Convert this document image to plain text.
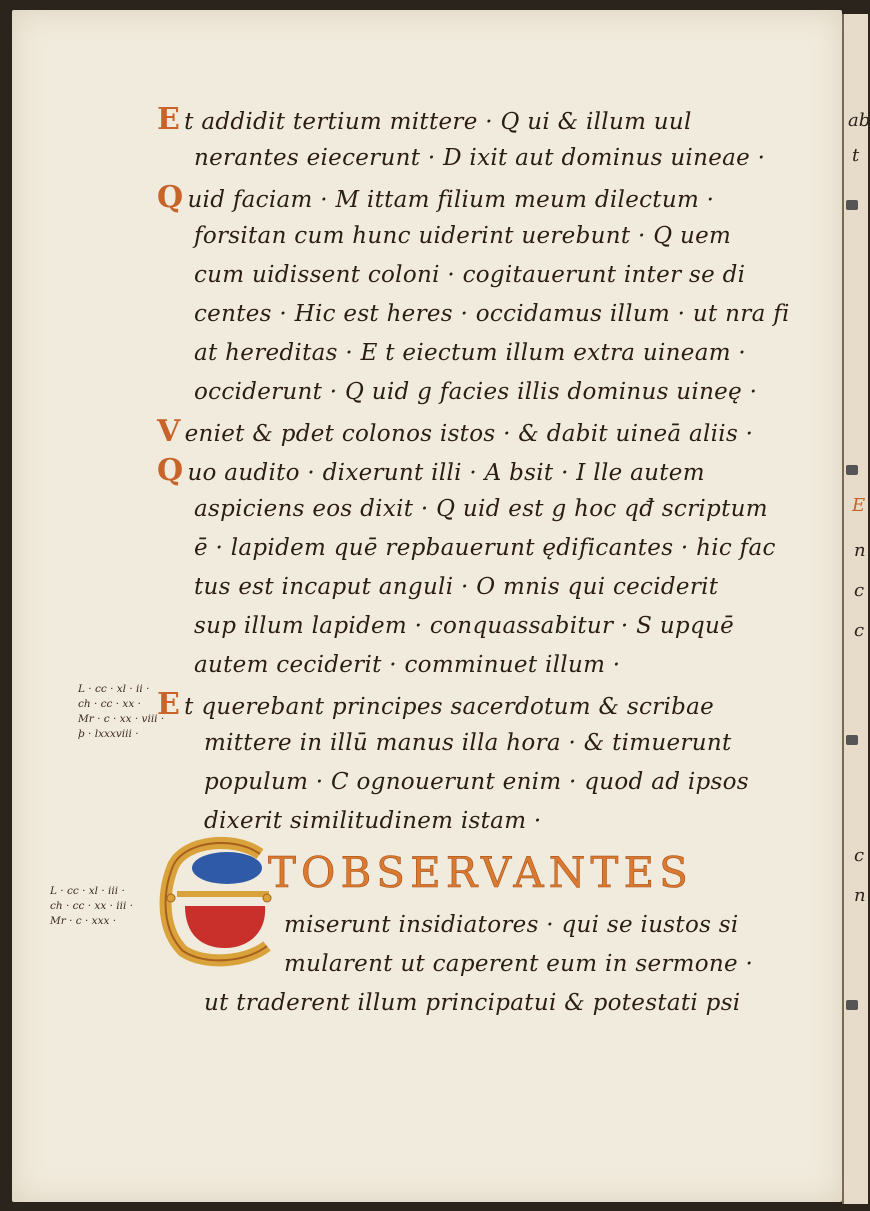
ab
t
E
n
c
c
c
n
E t addidit tertium mittere · Q ui & illum uul
nerantes eiecerunt · D ixit aut dominus uineae ·
Q uid faciam · M ittam filium meum dilectum ·
forsitan cum hunc uiderint uerebunt · Q uem
cum uidissent coloni · cogitauerunt inter se di
centes · Hic est heres · occidamus illum · ut nra fi
at hereditas · E t eiectum illum extra uineam ·
occiderunt · Q uid g facies illis dominus uineę ·
V eniet & pdet colonos istos · & dabit uineā aliis ·
Q uo audito · dixerunt illi · A bsit · I lle autem
aspiciens eos dixit · Q uid est g hoc qđ scriptum
ē · lapidem quē repbauerunt ędificantes · hic fac
tus est incaput anguli · O mnis qui ceciderit
sup illum lapidem · conquassabitur · S upquē
autem ceciderit · comminuet illum ·
E t querebant principes sacerdotum & scribae
mittere in illū manus illa hora · & timuerunt
populum · C ognouerunt enim · quod ad ipsos
dixerit similitudinem istam ·
L · cc · xl · ii ·
ch · cc · xx ·
Mr · c · xx · viii ·
þ · lxxxviii ·
L · cc · xl · iii ·
ch · cc · xx · iii ·
Mr · c · xxx ·
TOBSERVANTES
miserunt insidiatores · qui se iustos si
mularent ut caperent eum in sermone ·
ut traderent illum principatui & potestati psi
